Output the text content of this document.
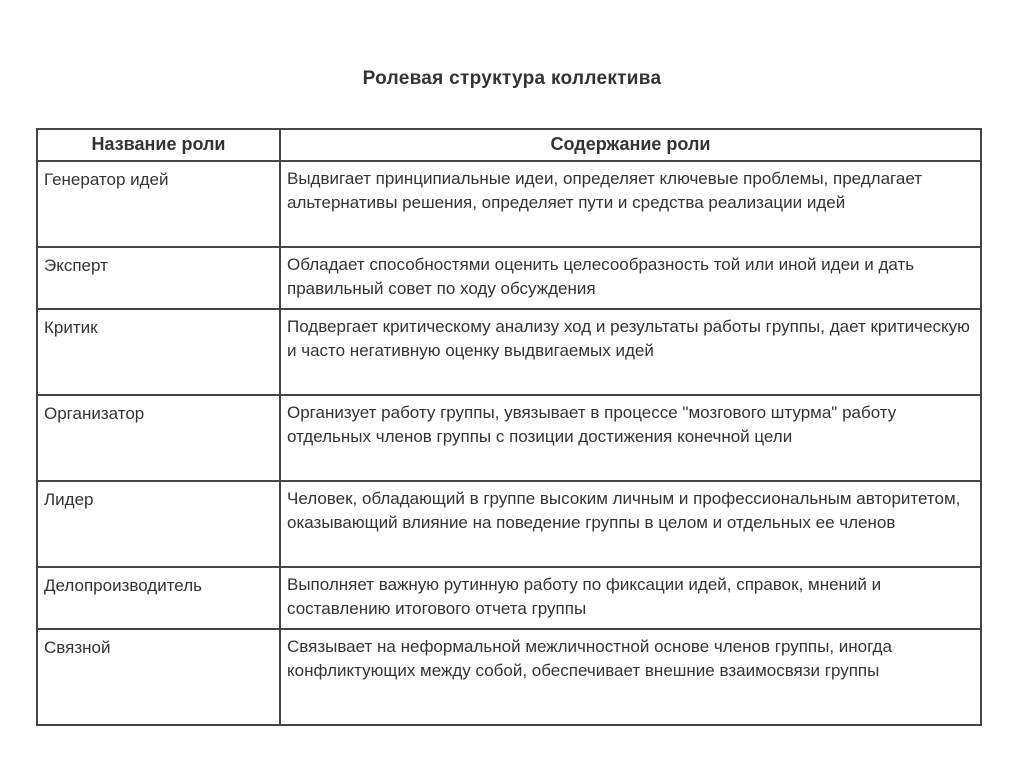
Ролевая структура коллектива
Название роли	Содержание роли
Генератор идей	Выдвигает принципиальные идеи, определяет ключевые проблемы, предлагает альтернативы решения, определяет пути и средства реализации идей
Эксперт	Обладает способностями оценить целесообразность той или иной идеи и дать правильный совет по ходу обсуждения
Критик	Подвергает критическому анализу ход и результаты работы группы, дает критическую и часто негативную оценку выдвигаемых идей
Организатор	Организует работу группы, увязывает в процессе "мозгового штурма" работу отдельных членов группы с позиции достижения конечной цели
Лидер	Человек, обладающий в группе высоким личным и профессиональным авторитетом, оказывающий влияние на поведение группы в целом и отдельных ее членов
Делопроизводитель	Выполняет важную рутинную работу по фиксации идей, справок, мнений и составлению итогового отчета группы
Связной	Связывает на неформальной межличностной основе членов группы, иногда конфликтующих между собой, обеспечивает внешние взаимосвязи группы
